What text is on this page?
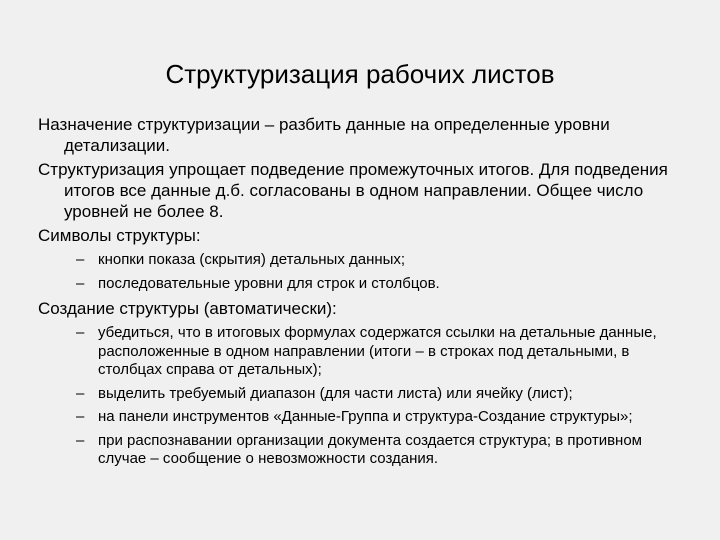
Структуризация рабочих листов

Назначение структуризации – разбить данные на определенные уровни детализации.

Структуризация упрощает подведение промежуточных итогов. Для подведения итогов все данные д.б. согласованы в одном направлении. Общее число уровней не более 8.

Символы структуры:

– кнопки показа (скрытия) детальных данных;
– последовательные уровни для строк и столбцов.

Создание структуры (автоматически):

– убедиться, что в итоговых формулах содержатся ссылки на детальные данные, расположенные в одном направлении (итоги – в строках под детальными, в столбцах справа от детальных);
– выделить требуемый диапазон (для части листа) или ячейку (лист);
– на панели инструментов «Данные-Группа и структура-Создание структуры»;
– при распознавании организации документа создается структура; в противном случае – сообщение о невозможности создания.
